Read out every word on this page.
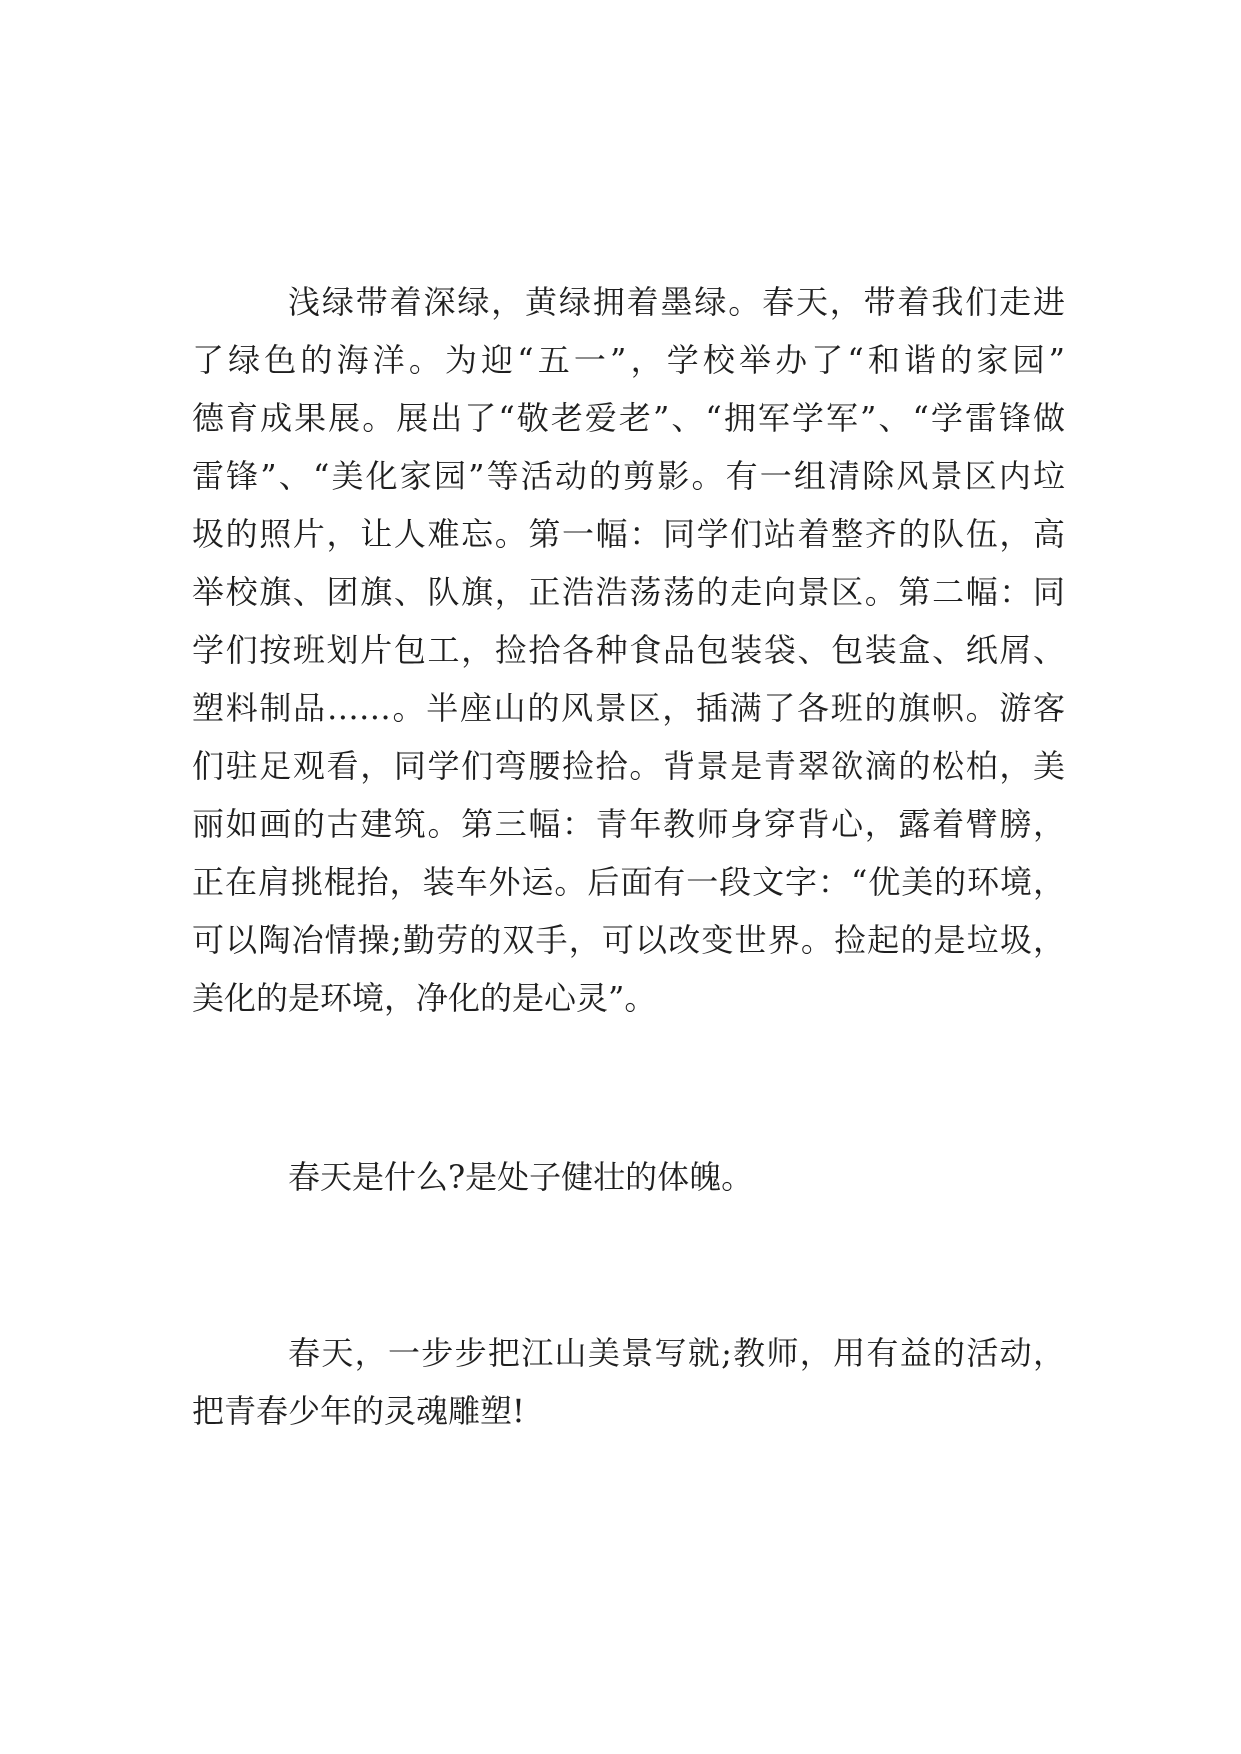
浅绿带着深绿，黄绿拥着墨绿。春天，带着我们走进
了绿色的海洋。为迎“五一”，学校举办了“和谐的家园”
德育成果展。展出了“敬老爱老”、“拥军学军”、“学雷锋做
雷锋”、“美化家园”等活动的剪影。有一组清除风景区内垃
圾的照片，让人难忘。第一幅：同学们站着整齐的队伍，高
举校旗、团旗、队旗，正浩浩荡荡的走向景区。第二幅：同
学们按班划片包工，捡拾各种食品包装袋、包装盒、纸屑、
塑料制品……。半座山的风景区，插满了各班的旗帜。游客
们驻足观看，同学们弯腰捡拾。背景是青翠欲滴的松柏，美
丽如画的古建筑。第三幅：青年教师身穿背心，露着臂膀，
正在肩挑棍抬，装车外运。后面有一段文字：“优美的环境，
可以陶冶情操;勤劳的双手，可以改变世界。捡起的是垃圾，
美化的是环境，净化的是心灵”。
春天是什么?是处子健壮的体魄。
春天，一步步把江山美景写就;教师，用有益的活动，
把青春少年的灵魂雕塑!
